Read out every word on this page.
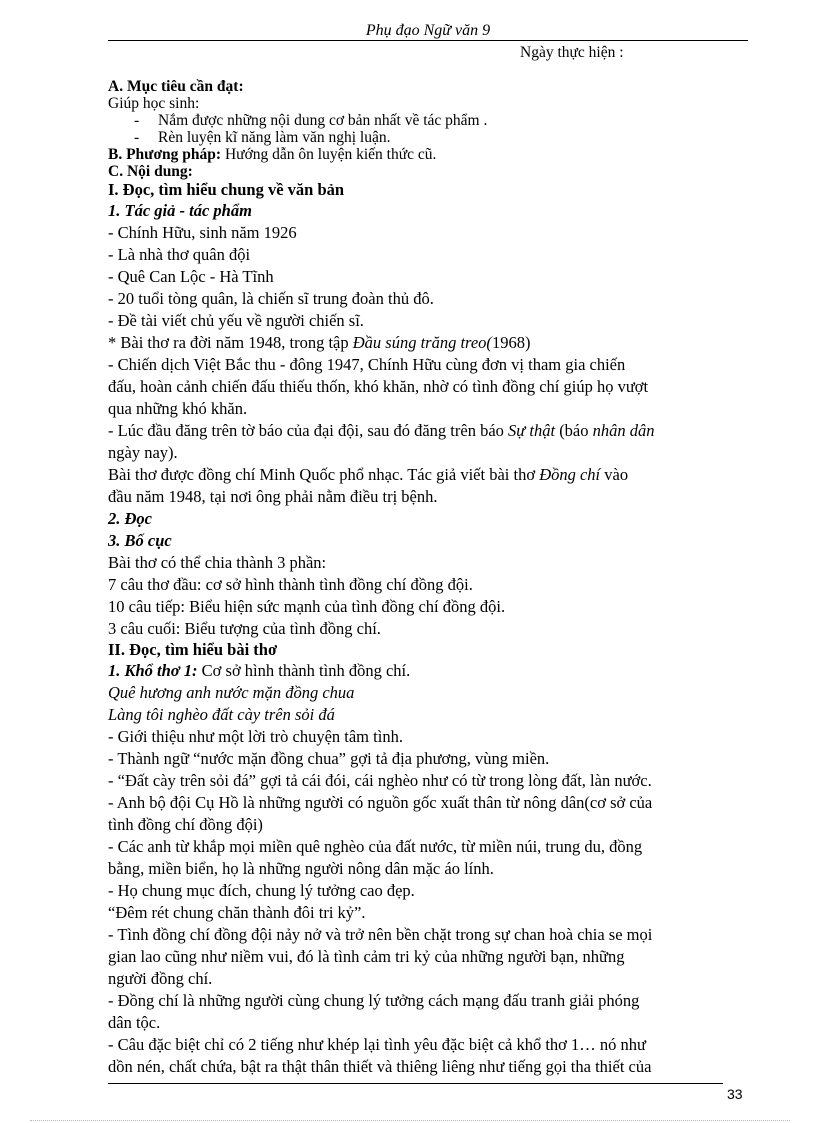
Phụ đạo Ngữ văn 9
Ngày thực hiện :
A. Mục tiêu cần đạt:
Giúp học sinh:
- Nắm được những nội dung cơ bản nhất về tác phẩm .
- Rèn luyện kĩ năng làm văn nghị luận.
B. Phương pháp: Hướng dẫn ôn luyện kiến thức cũ.
C. Nội dung:
I. Đọc, tìm hiểu chung về văn bản
1. Tác giả - tác phẩm
- Chính Hữu, sinh năm 1926
- Là nhà thơ quân đội
- Quê Can Lộc - Hà Tĩnh
- 20 tuổi tòng quân, là chiến sĩ trung đoàn thủ đô.
- Đề tài viết chủ yếu về người chiến sĩ.
* Bài thơ ra đời năm 1948, trong tập Đầu súng trăng treo(1968)
- Chiến dịch Việt Bắc thu - đông 1947, Chính Hữu cùng đơn vị tham gia chiến
đấu, hoàn cảnh chiến đấu thiếu thốn, khó khăn, nhờ có tình đồng chí giúp họ vượt
qua những khó khăn.
- Lúc đầu đăng trên tờ báo của đại đội, sau đó đăng trên báo Sự thật (báo nhân dân
ngày nay).
Bài thơ được đồng chí Minh Quốc phổ nhạc. Tác giả viết bài thơ Đồng chí vào
đầu năm 1948, tại nơi ông phải nằm điều trị bệnh.
2. Đọc
3. Bố cục
Bài thơ có thể chia thành 3 phần:
7 câu thơ đầu: cơ sở hình thành tình đồng chí đồng đội.
10 câu tiếp: Biểu hiện sức mạnh của tình đồng chí đồng đội.
3 câu cuối: Biểu tượng của tình đồng chí.
II. Đọc, tìm hiểu bài thơ
1. Khổ thơ 1: Cơ sở hình thành tình đồng chí.
Quê hương anh nước mặn đồng chua
Làng tôi nghèo đất cày trên sỏi đá
- Giới thiệu như một lời trò chuyện tâm tình.
- Thành ngữ “nước mặn đồng chua” gợi tả địa phương, vùng miền.
- “Đất cày trên sỏi đá” gợi tả cái đói, cái nghèo như có từ trong lòng đất, làn nước.
- Anh bộ đội Cụ Hồ là những người có nguồn gốc xuất thân từ nông dân(cơ sở của
tình đồng chí đồng đội)
- Các anh từ khắp mọi miền quê nghèo của đất nước, từ miền núi, trung du, đồng
bằng, miền biển, họ là những người nông dân mặc áo lính.
- Họ chung mục đích, chung lý tưởng cao đẹp.
“Đêm rét chung chăn thành đôi tri kỷ”.
- Tình đồng chí đồng đội nảy nở và trở nên bền chặt trong sự chan hoà chia se mọi
gian lao cũng như niềm vui, đó là tình cảm tri kỷ của những người bạn, những
người đồng chí.
- Đồng chí là những người cùng chung lý tưởng cách mạng đấu tranh giải phóng
dân tộc.
- Câu đặc biệt chỉ có 2 tiếng như khép lại tình yêu đặc biệt cả khổ thơ 1… nó như
dồn nén, chất chứa, bật ra thật thân thiết và thiêng liêng như tiếng gọi tha thiết của
33
